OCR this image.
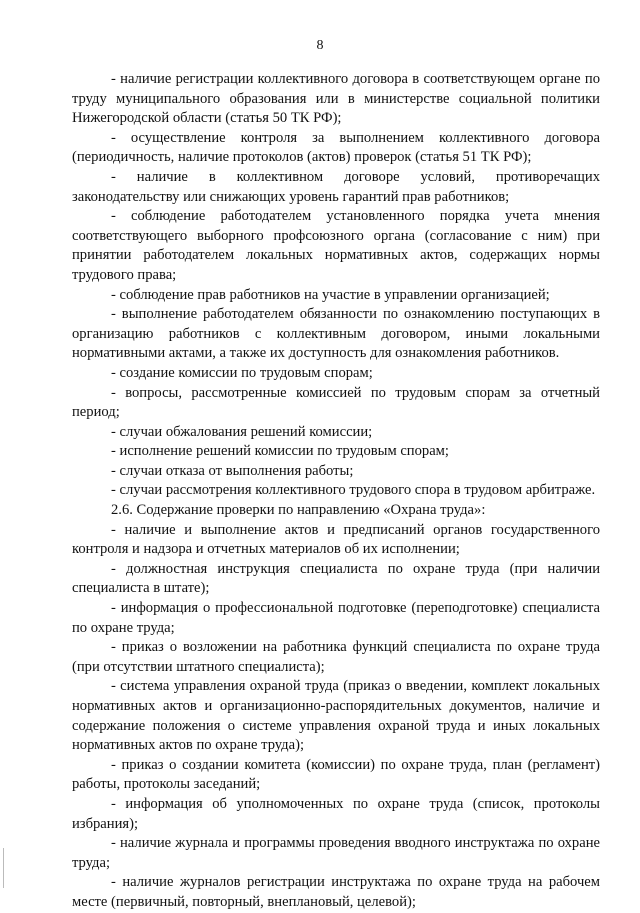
8

- наличие регистрации коллективного договора в соответствующем органе по труду муниципального образования или в министерстве социальной политики Нижегородской области (статья 50 ТК РФ);

- осуществление контроля за выполнением коллективного договора (периодичность, наличие протоколов (актов) проверок (статья 51 ТК РФ);

- наличие в коллективном договоре условий, противоречащих законодательству или снижающих уровень гарантий прав работников;

- соблюдение работодателем установленного порядка учета мнения соответствующего выборного профсоюзного органа (согласование с ним) при принятии работодателем локальных нормативных актов, содержащих нормы трудового права;

- соблюдение прав работников на участие в управлении организацией;

- выполнение работодателем обязанности по ознакомлению поступающих в организацию работников с коллективным договором, иными локальными нормативными актами, а также их доступность для ознакомления работников.

- создание комиссии по трудовым спорам;

- вопросы, рассмотренные комиссией по трудовым спорам за отчетный период;

- случаи обжалования решений комиссии;

- исполнение решений комиссии по трудовым спорам;

- случаи отказа от выполнения работы;

- случаи рассмотрения коллективного трудового спора в трудовом арбитраже.

2.6. Содержание проверки по направлению «Охрана труда»:

- наличие и выполнение актов и предписаний органов государственного контроля и надзора и отчетных материалов об их исполнении;

- должностная инструкция специалиста по охране труда (при наличии специалиста в штате);

- информация о профессиональной подготовке (переподготовке) специалиста по охране труда;

- приказ о возложении на работника функций специалиста по охране труда (при отсутствии штатного специалиста);

- система управления охраной труда (приказ о введении, комплект локальных нормативных актов и организационно-распорядительных документов, наличие и содержание положения о системе управления охраной труда и иных локальных нормативных актов по охране труда);

- приказ о создании комитета (комиссии) по охране труда, план (регламент) работы, протоколы заседаний;

- информация об уполномоченных по охране труда (список, протоколы избрания);

- наличие журнала и программы проведения вводного инструктажа по охране труда;

- наличие журналов регистрации инструктажа по охране труда на рабочем месте (первичный, повторный, внеплановый, целевой);
